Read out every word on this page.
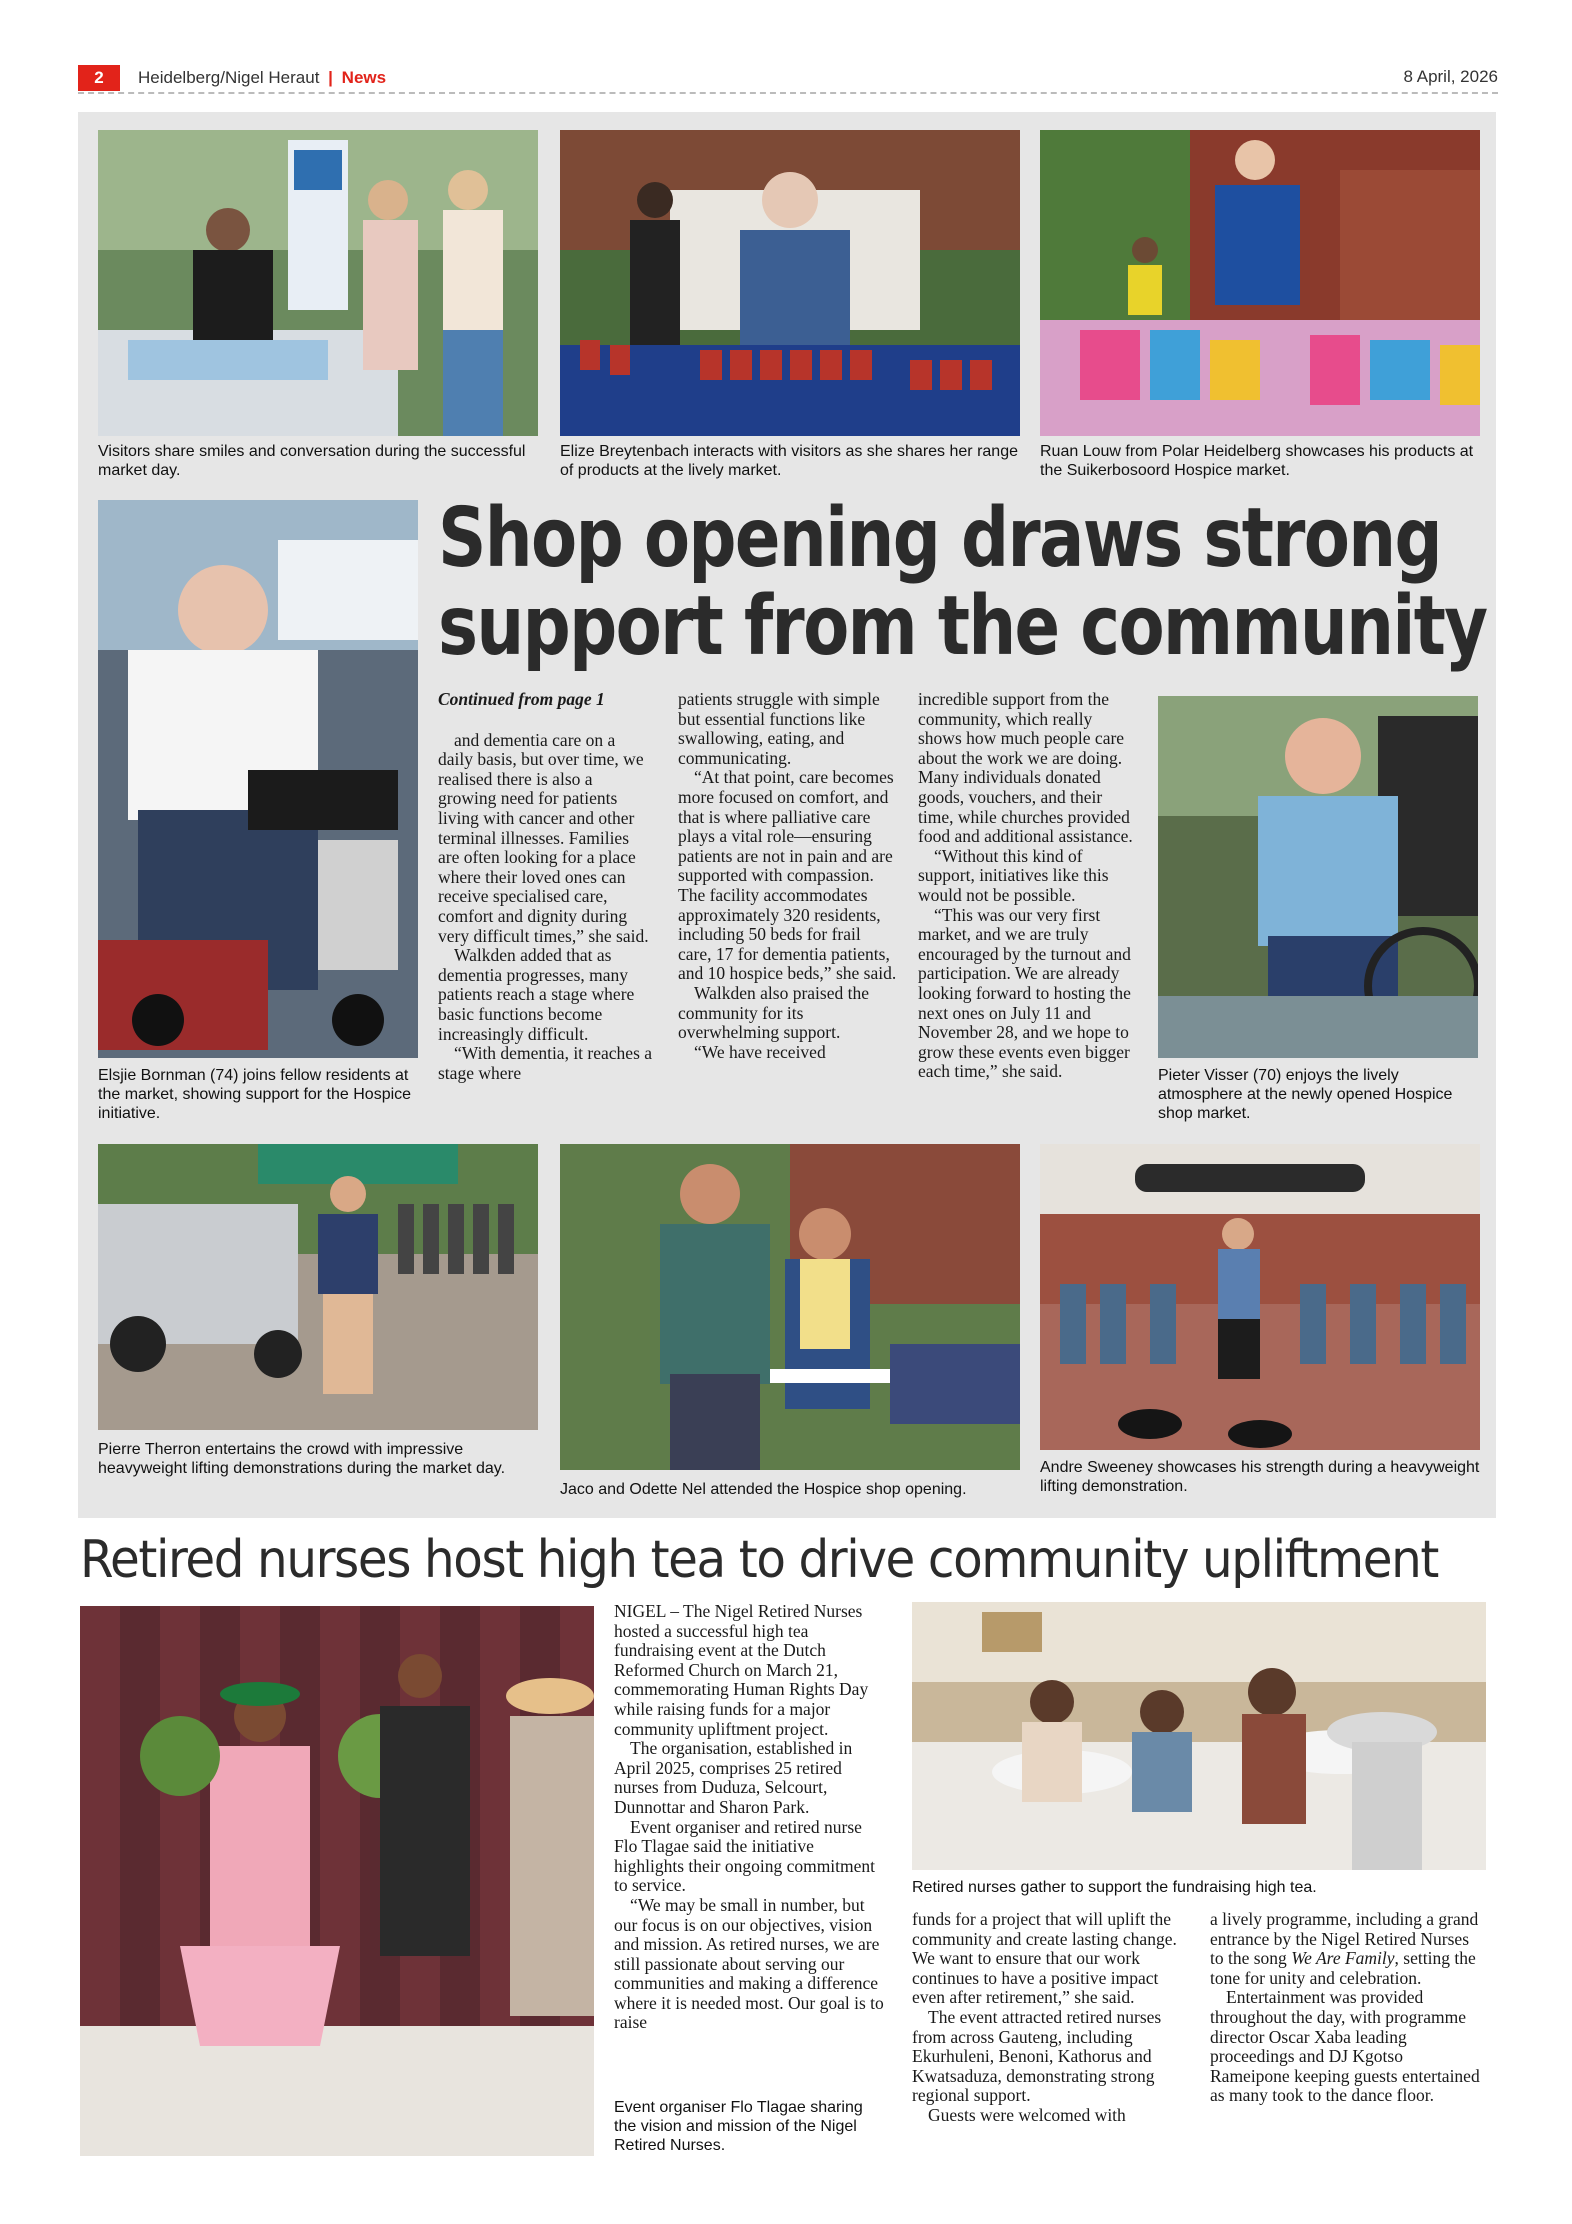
2	Heidelberg/Nigel Heraut | News	8 April, 2026
Visitors share smiles and conversation during the successful market day.
Elize Breytenbach interacts with visitors as she shares her range of products at the lively market.
Ruan Louw from Polar Heidelberg showcases his products at the Suikerbosoord Hospice market.
Elsjie Bornman (74) joins fellow residents at the market, showing support for the Hospice initiative.
Shop opening draws strong
support from the community

Continued from page 1

and dementia care on a daily basis, but over time, we realised there is also a growing need for patients living with cancer and other terminal illnesses. Families are often looking for a place where their loved ones can receive specialised care, comfort and dignity during very difficult times,” she said.

Walkden added that as dementia progresses, many patients reach a stage where basic functions become increasingly difficult.

“With dementia, it reaches a stage where

patients struggle with simple but essential functions like swallowing, eating, and communicating.

“At that point, care becomes more focused on comfort, and that is where palliative care plays a vital role—ensuring patients are not in pain and are supported with compassion. The facility accommodates approximately 320 residents, including 50 beds for frail care, 17 for dementia patients, and 10 hospice beds,” she said.

Walkden also praised the community for its overwhelming support.

“We have received

incredible support from the community, which really shows how much people care about the work we are doing. Many individuals donated goods, vouchers, and their time, while churches provided food and additional assistance.

“Without this kind of support, initiatives like this would not be possible.

“This was our very first market, and we are truly encouraged by the turnout and participation. We are already looking forward to hosting the next ones on July 11 and November 28, and we hope to grow these events even bigger each time,” she said.	Pieter Visser (70) enjoys the lively atmosphere at the newly opened Hospice shop market.
Pierre Therron entertains the crowd with impressive heavyweight lifting demonstrations during the market day.
Jaco and Odette Nel attended the Hospice shop opening.
Andre Sweeney showcases his strength during a heavyweight lifting demonstration.
Retired nurses host high tea to drive community upliftment

NIGEL – The Nigel Retired Nurses hosted a successful high tea fundraising event at the Dutch Reformed Church on March 21, commemorating Human Rights Day while raising funds for a major community upliftment project.

The organisation, established in April 2025, comprises 25 retired nurses from Duduza, Selcourt, Dunnottar and Sharon Park.

Event organiser and retired nurse Flo Tlagae said the initiative highlights their ongoing commitment to service.

“We may be small in number, but our focus is on our objectives, vision and mission. As retired nurses, we are still passionate about serving our communities and making a difference where it is needed most. Our goal is to raise

Event organiser Flo Tlagae sharing the vision and mission of the Nigel Retired Nurses.
Retired nurses gather to support the fundraising high tea.

funds for a project that will uplift the community and create lasting change. We want to ensure that our work continues to have a positive impact even after retirement,” she said.

The event attracted retired nurses from across Gauteng, including Ekurhuleni, Benoni, Kathorus and Kwatsaduza, demonstrating strong regional support.

Guests were welcomed with

a lively programme, including a grand entrance by the Nigel Retired Nurses to the song We Are Family, setting the tone for unity and celebration.

Entertainment was provided throughout the day, with programme director Oscar Xaba leading proceedings and DJ Kgotso Rameipone keeping guests entertained as many took to the dance floor.
